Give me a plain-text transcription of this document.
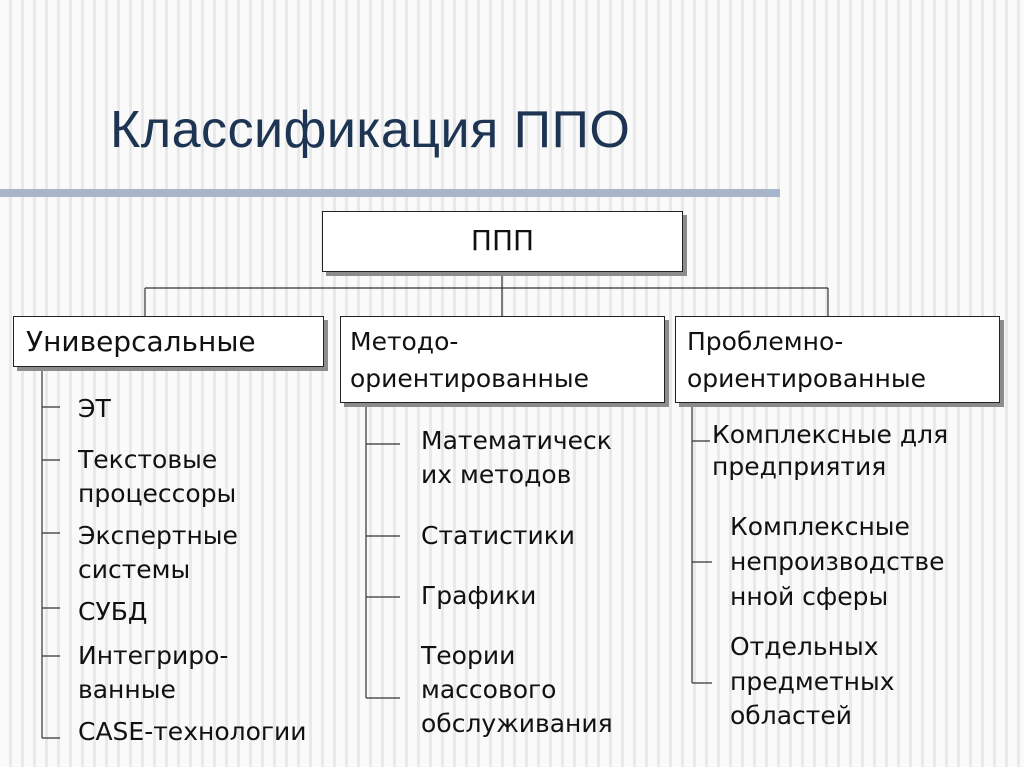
Классификация ППО
ППП
Универсальные	Методо-
ориентированные
Проблемно-
ориентированные
ЭТ
Текстовые
процессоры
Экспертные
системы
СУБД
Интегриро-
ванные
CASE-технологии
Математическ
их методов
Статистики
Графики
Теории
массового
обслуживания
Комплексные для
предприятия
Комплексные
непроизводстве
нной сферы
Отдельных
предметных
областей
